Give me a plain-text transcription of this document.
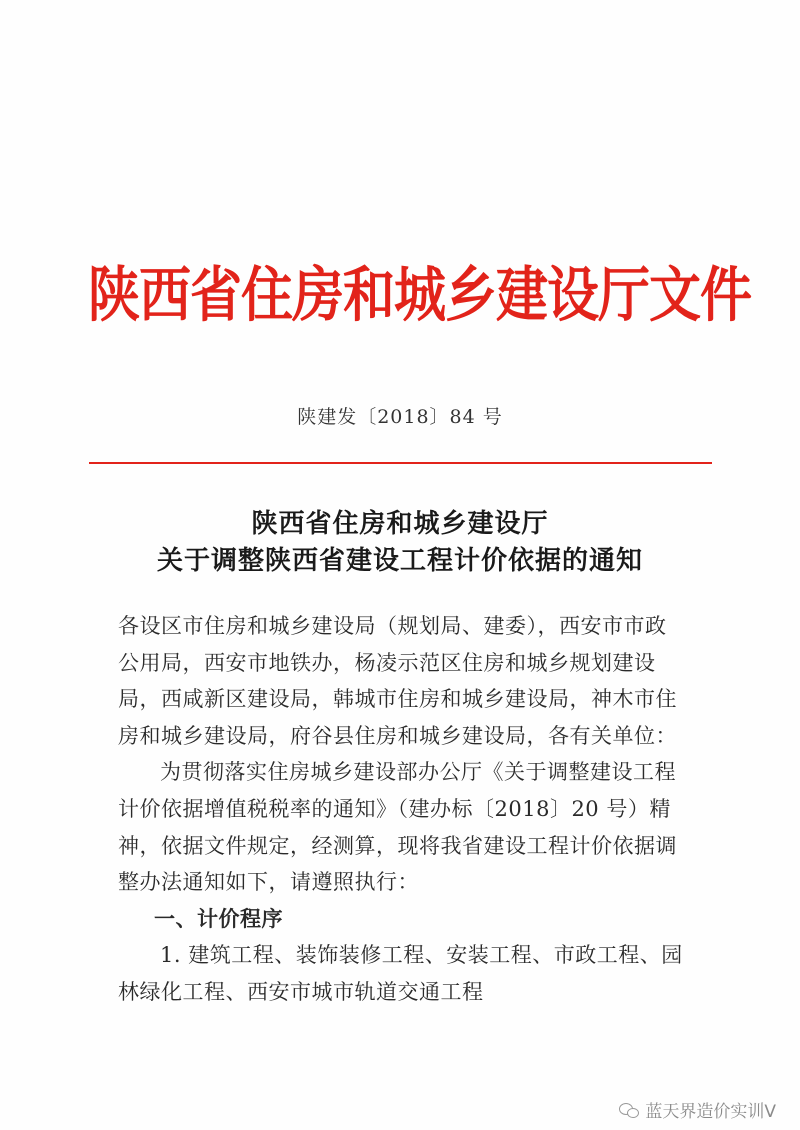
陕西省住房和城乡建设厅文件
陕建发〔2018〕84 号
陕西省住房和城乡建设厅
关于调整陕西省建设工程计价依据的通知

各设区市住房和城乡建设局（规划局、建委），西安市市政公用局，西安市地铁办，杨凌示范区住房和城乡规划建设局，西咸新区建设局，韩城市住房和城乡建设局，神木市住房和城乡建设局，府谷县住房和城乡建设局，各有关单位：

为贯彻落实住房城乡建设部办公厅《关于调整建设工程计价依据增值税税率的通知》（建办标〔2018〕20 号）精神，依据文件规定，经测算，现将我省建设工程计价依据调整办法通知如下，请遵照执行：

一、计价程序

1. 建筑工程、装饰装修工程、安装工程、市政工程、园林绿化工程、西安市城市轨道交通工程

蓝天界造价实训V
